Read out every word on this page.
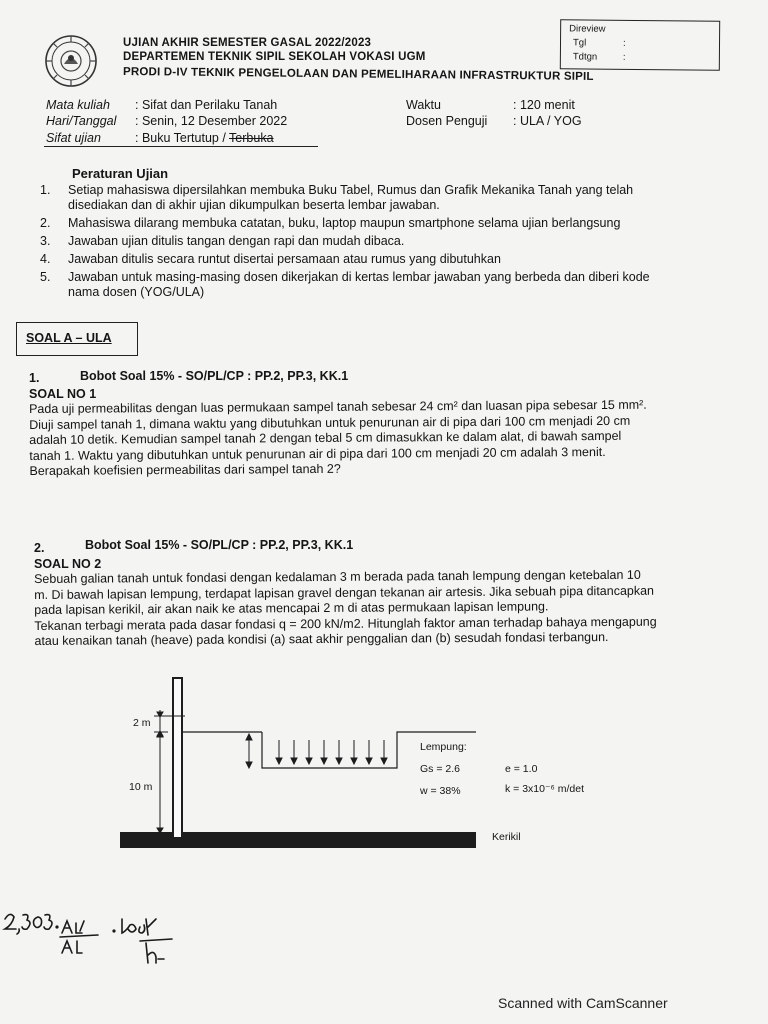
UJIAN AKHIR SEMESTER GASAL 2022/2023
DEPARTEMEN TEKNIK SIPIL SEKOLAH VOKASI UGM
PRODI D-IV TEKNIK PENGELOLAAN DAN PEMELIHARAAN INFRASTRUKTUR SIPIL
Direview
Tgl	:
Tdtgn	:
Mata kuliah : Sifat dan Perilaku Tanah
Hari/Tanggal : Senin, 12 Desember 2022
Sifat ujian	: Buku Tertutup / Terbuka
Waktu	: 120 menit
Dosen Penguji : ULA / YOG
Peraturan Ujian
1. Setiap mahasiswa dipersilahkan membuka Buku Tabel, Rumus dan Grafik Mekanika Tanah yang telah
disediakan dan di akhir ujian dikumpulkan beserta lembar jawaban.
2. Mahasiswa dilarang membuka catatan, buku, laptop maupun smartphone selama ujian berlangsung
3. Jawaban ujian ditulis tangan dengan rapi dan mudah dibaca.
4. Jawaban ditulis secara runtut disertai persamaan atau rumus yang dibutuhkan
5. Jawaban untuk masing-masing dosen dikerjakan di kertas lembar jawaban yang berbeda dan diberi kode
nama dosen (YOG/ULA)
SOAL A – ULA
1.	Bobot Soal 15% - SO/PL/CP : PP.2, PP.3, KK.1
SOAL NO 1
Pada uji permeabilitas dengan luas permukaan sampel tanah sebesar 24 cm² dan luasan pipa sebesar 15 mm².
Diuji sampel tanah 1, dimana waktu yang dibutuhkan untuk penurunan air di pipa dari 100 cm menjadi 20 cm
adalah 10 detik. Kemudian sampel tanah 2 dengan tebal 5 cm dimasukkan ke dalam alat, di bawah sampel
tanah 1. Waktu yang dibutuhkan untuk penurunan air di pipa dari 100 cm menjadi 20 cm adalah 3 menit.
Berapakah koefisien permeabilitas dari sampel tanah 2?
2.	Bobot Soal 15% - SO/PL/CP : PP.2, PP.3, KK.1
SOAL NO 2
Sebuah galian tanah untuk fondasi dengan kedalaman 3 m berada pada tanah lempung dengan ketebalan 10
m. Di bawah lapisan lempung, terdapat lapisan gravel dengan tekanan air artesis. Jika sebuah pipa ditancapkan
pada lapisan kerikil, air akan naik ke atas mencapai 2 m di atas permukaan lapisan lempung.
Tekanan terbagi merata pada dasar fondasi q = 200 kN/m2. Hitunglah faktor aman terhadap bahaya mengapung
atau kenaikan tanah (heave) pada kondisi (a) saat akhir penggalian dan (b) sesudah fondasi terbangun.
2 m
10 m
Lempung:
Gs = 2.6	e = 1.0
w = 38%	k = 3x10⁻⁶ m/det
Kerikil
Scanned with CamScanner
